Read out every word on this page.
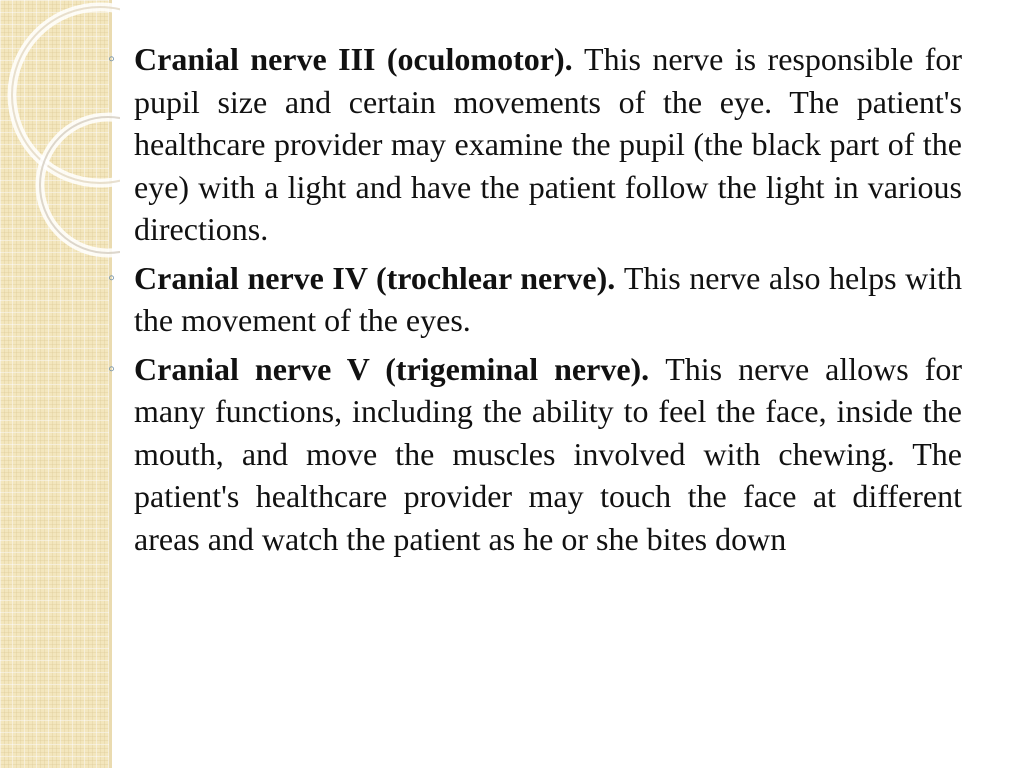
◦ Cranial nerve III (oculomotor). This nerve is responsible for pupil size and certain movements of the eye. The patient's healthcare provider may examine the pupil (the black part of the eye) with a light and have the patient follow the light in various directions.
◦ Cranial nerve IV (trochlear nerve). This nerve also helps with the movement of the eyes.
◦ Cranial nerve V (trigeminal nerve). This nerve allows for many functions, including the ability to feel the face, inside the mouth, and move the muscles involved with chewing. The patient's healthcare provider may touch the face at different areas and watch the patient as he or she bites down
